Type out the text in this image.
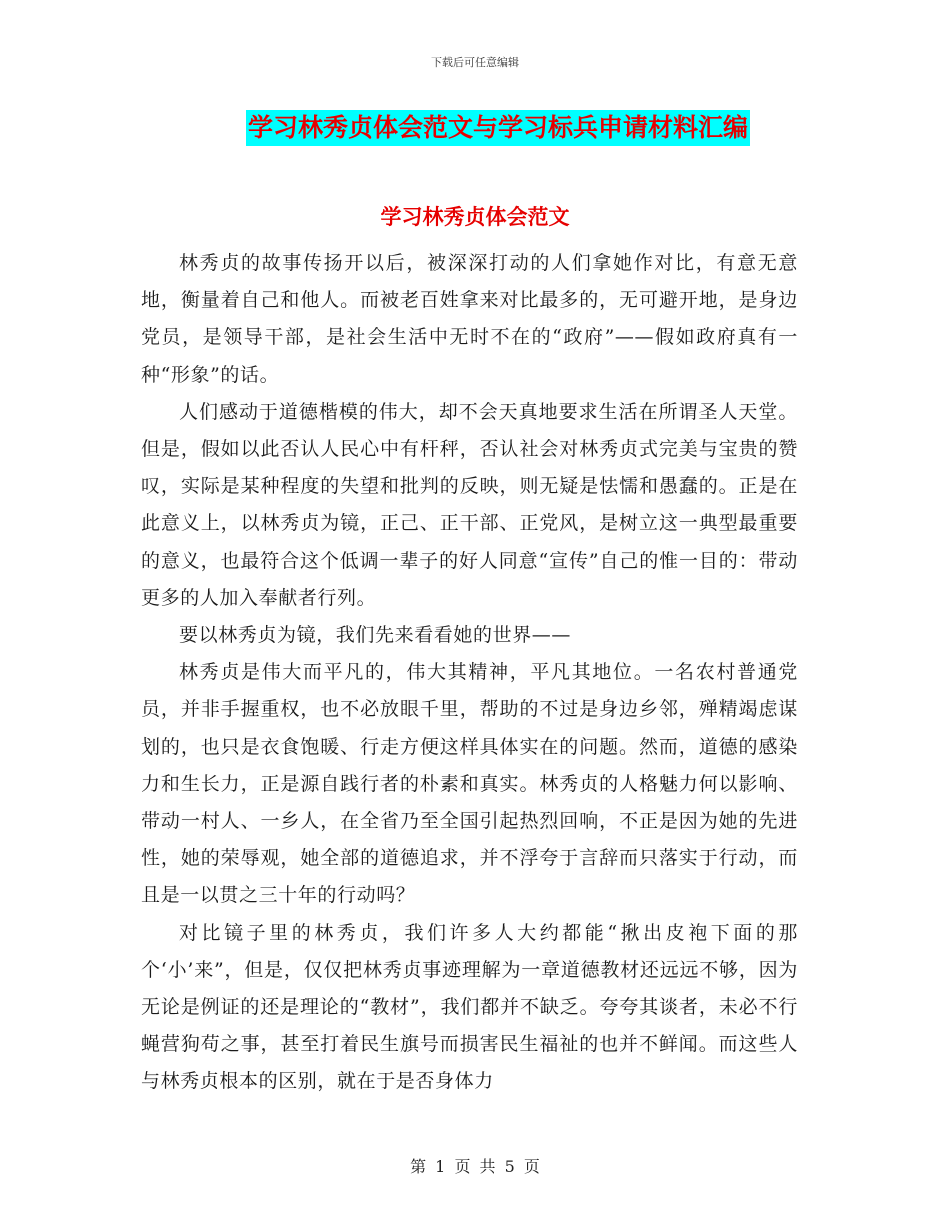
下载后可任意编辑
学习林秀贞体会范文与学习标兵申请材料汇编
学习林秀贞体会范文

林秀贞的故事传扬开以后，被深深打动的人们拿她作对比，有意无意地，衡量着自己和他人。而被老百姓拿来对比最多的，无可避开地，是身边党员，是领导干部，是社会生活中无时不在的“政府”——假如政府真有一种“形象”的话。

人们感动于道德楷模的伟大，却不会天真地要求生活在所谓圣人天堂。但是，假如以此否认人民心中有杆秤，否认社会对林秀贞式完美与宝贵的赞叹，实际是某种程度的失望和批判的反映，则无疑是怯懦和愚蠢的。正是在此意义上，以林秀贞为镜，正己、正干部、正党风，是树立这一典型最重要的意义，也最符合这个低调一辈子的好人同意“宣传”自己的惟一目的：带动更多的人加入奉献者行列。

要以林秀贞为镜，我们先来看看她的世界——

林秀贞是伟大而平凡的，伟大其精神，平凡其地位。一名农村普通党员，并非手握重权，也不必放眼千里，帮助的不过是身边乡邻，殚精竭虑谋划的，也只是衣食饱暖、行走方便这样具体实在的问题。然而，道德的感染力和生长力，正是源自践行者的朴素和真实。林秀贞的人格魅力何以影响、带动一村人、一乡人，在全省乃至全国引起热烈回响，不正是因为她的先进性，她的荣辱观，她全部的道德追求，并不浮夸于言辞而只落实于行动，而且是一以贯之三十年的行动吗？

对比镜子里的林秀贞，我们许多人大约都能“揪出皮袍下面的那个‘小’来”，但是，仅仅把林秀贞事迹理解为一章道德教材还远远不够，因为无论是例证的还是理论的“教材”，我们都并不缺乏。夸夸其谈者，未必不行蝇营狗苟之事，甚至打着民生旗号而损害民生福祉的也并不鲜闻。而这些人与林秀贞根本的区别，就在于是否身体力

第 1 页 共 5 页
